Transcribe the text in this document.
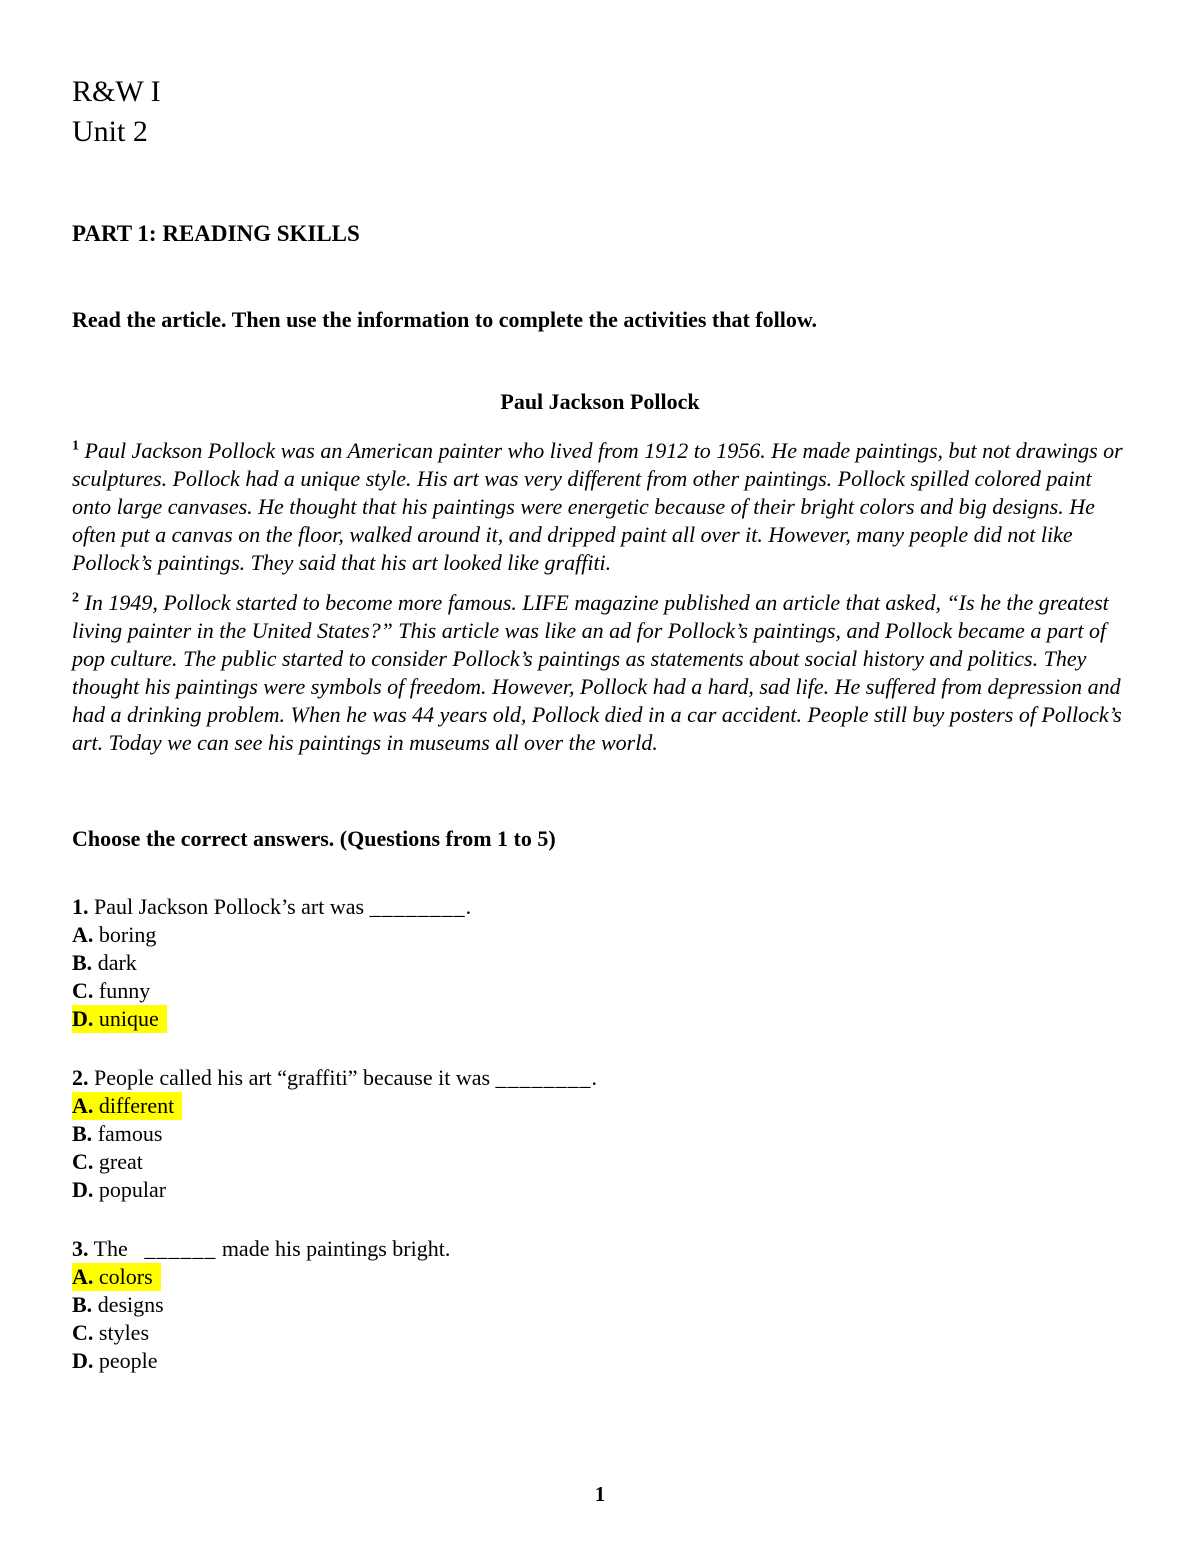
R&W I
Unit 2
PART 1: READING SKILLS
Read the article. Then use the information to complete the activities that follow.
Paul Jackson Pollock

$^1$ Paul Jackson Pollock was an American painter who lived from 1912 to 1956. He made paintings, but not drawings or sculptures. Pollock had a unique style. His art was very different from other paintings. Pollock spilled colored paint onto large canvases. He thought that his paintings were energetic because of their bright colors and big designs. He often put a canvas on the floor, walked around it, and dripped paint all over it. However, many people did not like Pollock’s paintings. They said that his art looked like graffiti.

$^2$ In 1949, Pollock started to become more famous. LIFE magazine published an article that asked, “Is he the greatest living painter in the United States?” This article was like an ad for Pollock’s paintings, and Pollock became a part of pop culture. The public started to consider Pollock’s paintings as statements about social history and politics. They thought his paintings were symbols of freedom. However, Pollock had a hard, sad life. He suffered from depression and had a drinking problem. When he was 44 years old, Pollock died in a car accident. People still buy posters of Pollock’s art. Today we can see his paintings in museums all over the world.

Choose the correct answers. (Questions from 1 to 5)

1. Paul Jackson Pollock’s art was ________.

A. boring

B. dark

C. funny

D. unique

2. People called his art “graffiti” because it was ________.

A. different

B. famous

C. great

D. popular

3. The   ______ made his paintings bright.

A. colors

B. designs

C. styles

D. people

1
